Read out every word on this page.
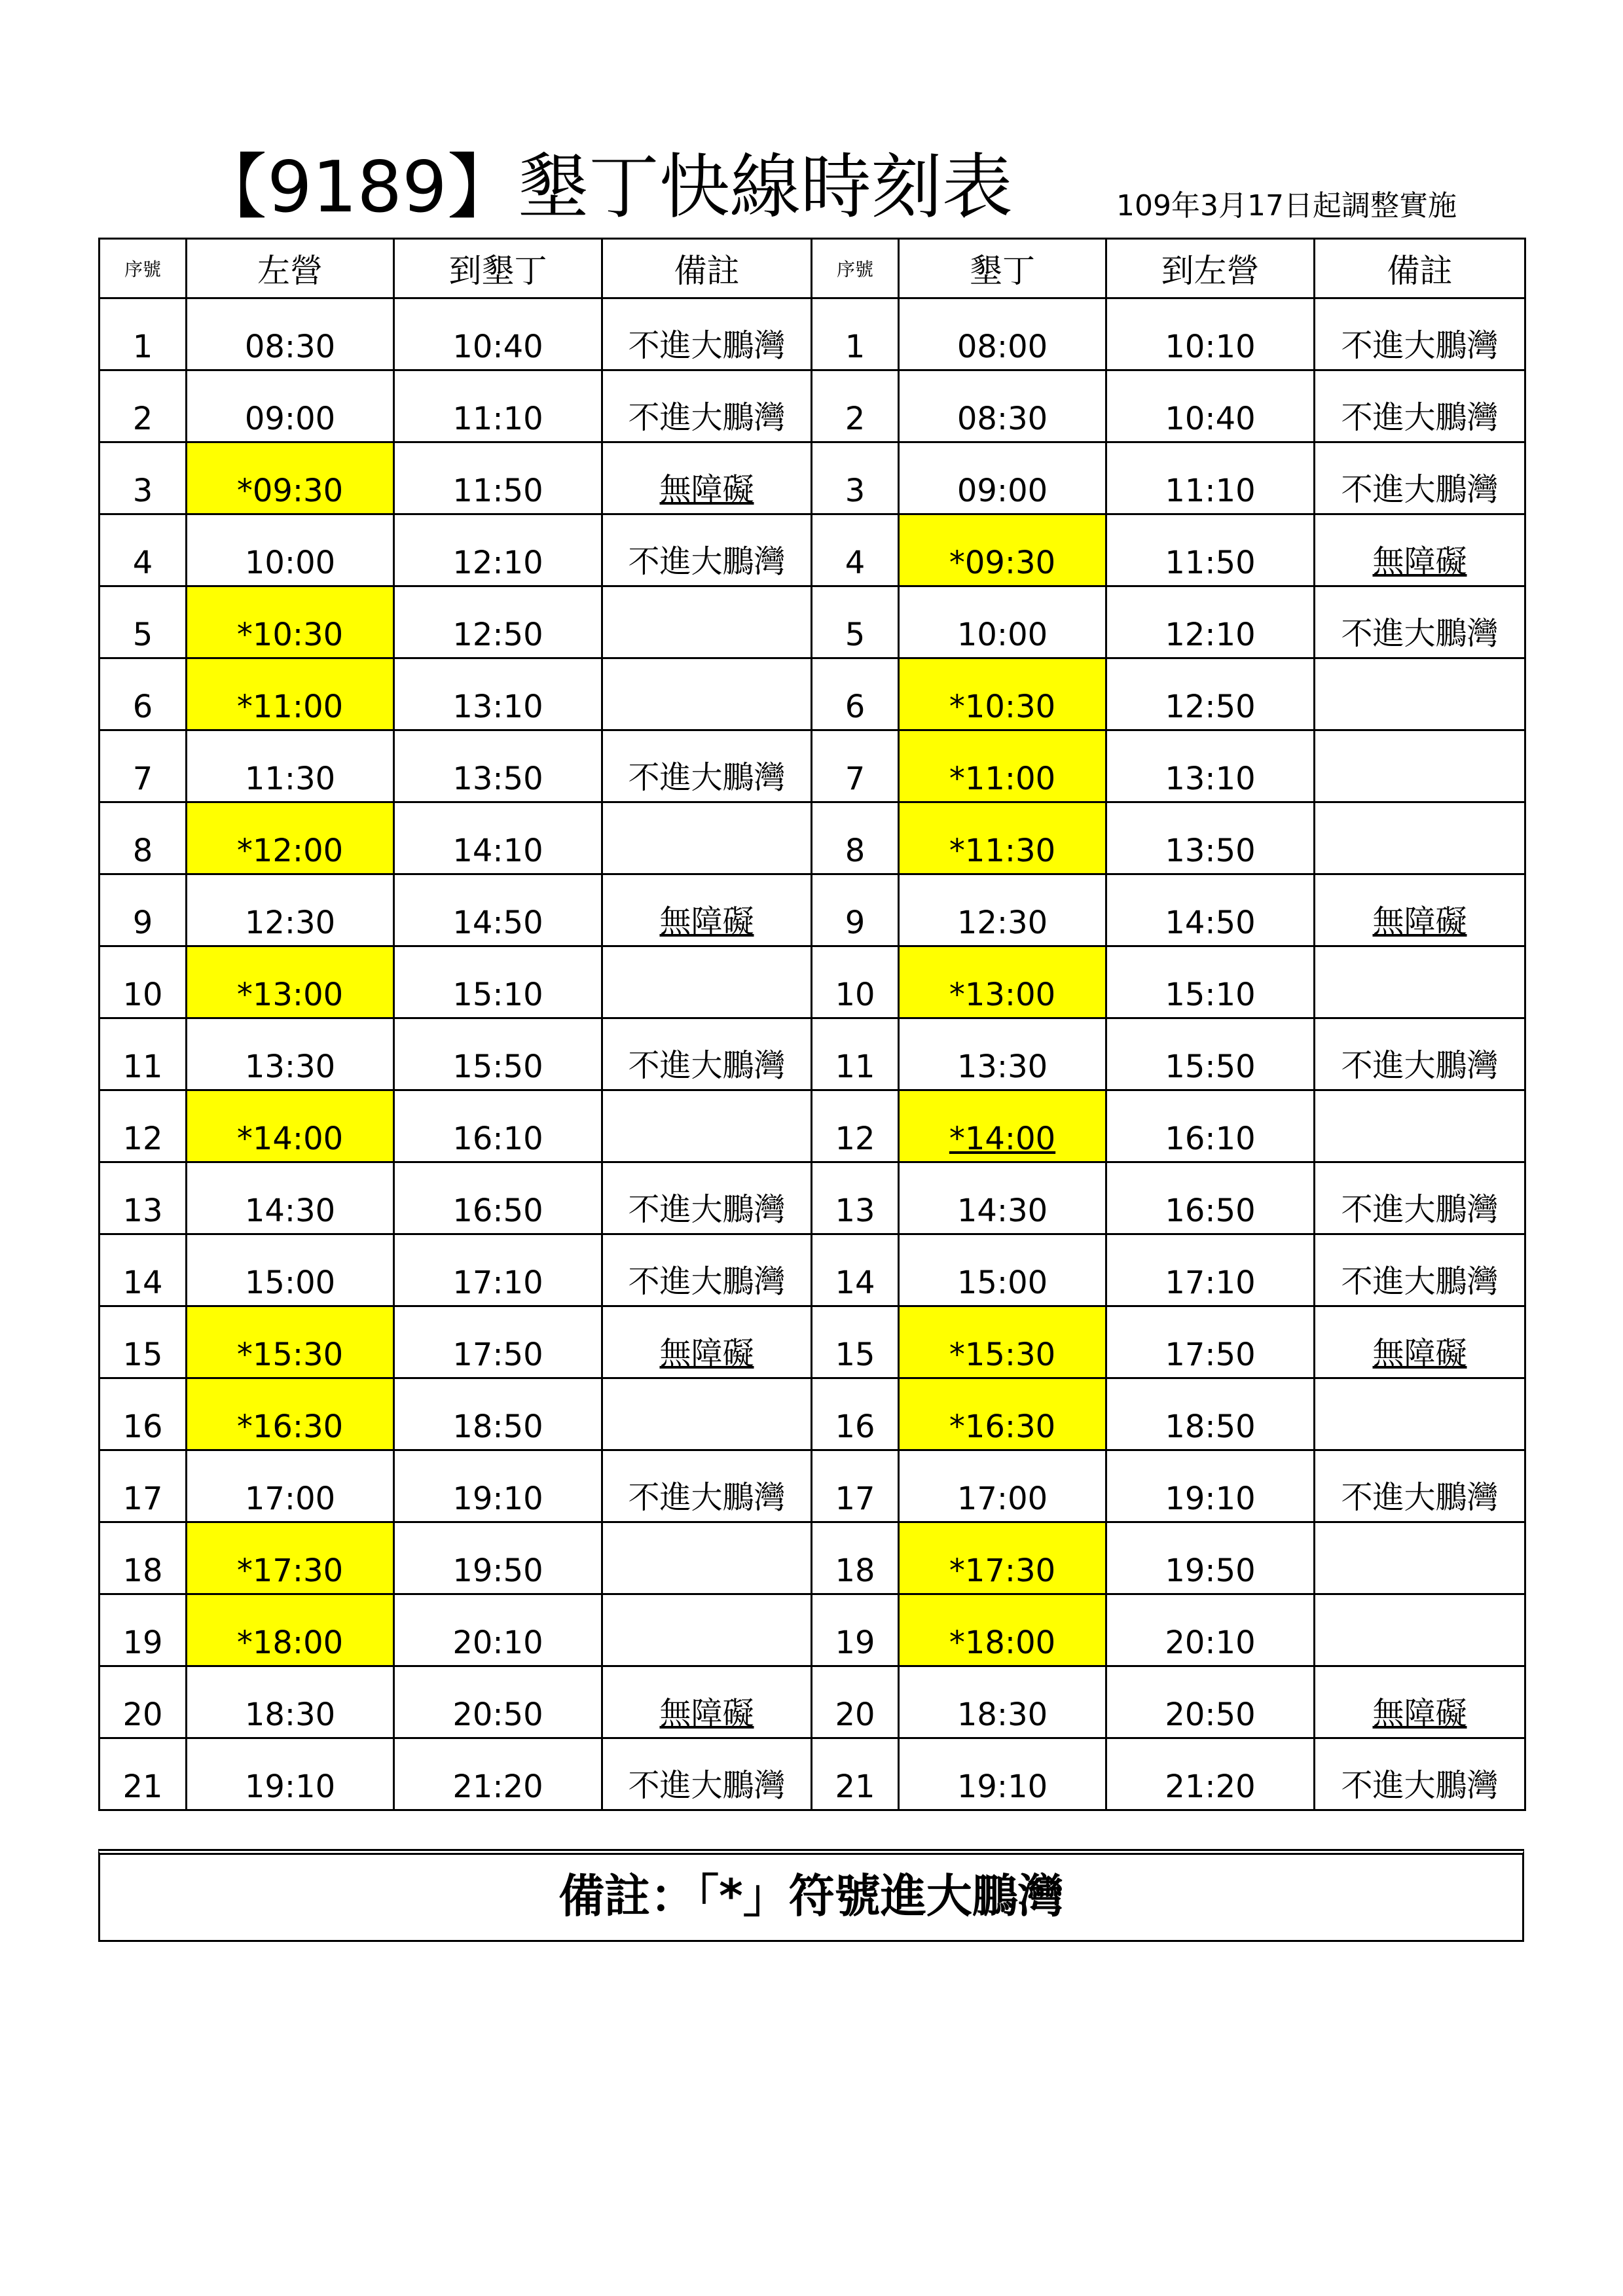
【9189】墾丁快線時刻表	109年3月17日起調整實施
序號	左營	到墾丁	備註	序號	墾丁	到左營	備註
1	08:30	10:40	不進大鵬灣	1	08:00	10:10	不進大鵬灣
2	09:00	11:10	不進大鵬灣	2	08:30	10:40	不進大鵬灣
3	*09:30	11:50	無障礙	3	09:00	11:10	不進大鵬灣
4	10:00	12:10	不進大鵬灣	4	*09:30	11:50	無障礙
5	*10:30	12:50		5	10:00	12:10	不進大鵬灣
6	*11:00	13:10		6	*10:30	12:50	
7	11:30	13:50	不進大鵬灣	7	*11:00	13:10	
8	*12:00	14:10		8	*11:30	13:50	
9	12:30	14:50	無障礙	9	12:30	14:50	無障礙
10	*13:00	15:10		10	*13:00	15:10	
11	13:30	15:50	不進大鵬灣	11	13:30	15:50	不進大鵬灣
12	*14:00	16:10		12	*14:00	16:10	
13	14:30	16:50	不進大鵬灣	13	14:30	16:50	不進大鵬灣
14	15:00	17:10	不進大鵬灣	14	15:00	17:10	不進大鵬灣
15	*15:30	17:50	無障礙	15	*15:30	17:50	無障礙
16	*16:30	18:50		16	*16:30	18:50	
17	17:00	19:10	不進大鵬灣	17	17:00	19:10	不進大鵬灣
18	*17:30	19:50		18	*17:30	19:50	
19	*18:00	20:10		19	*18:00	20:10	
20	18:30	20:50	無障礙	20	18:30	20:50	無障礙
21	19:10	21:20	不進大鵬灣	21	19:10	21:20	不進大鵬灣
備註：「*」符號進大鵬灣
